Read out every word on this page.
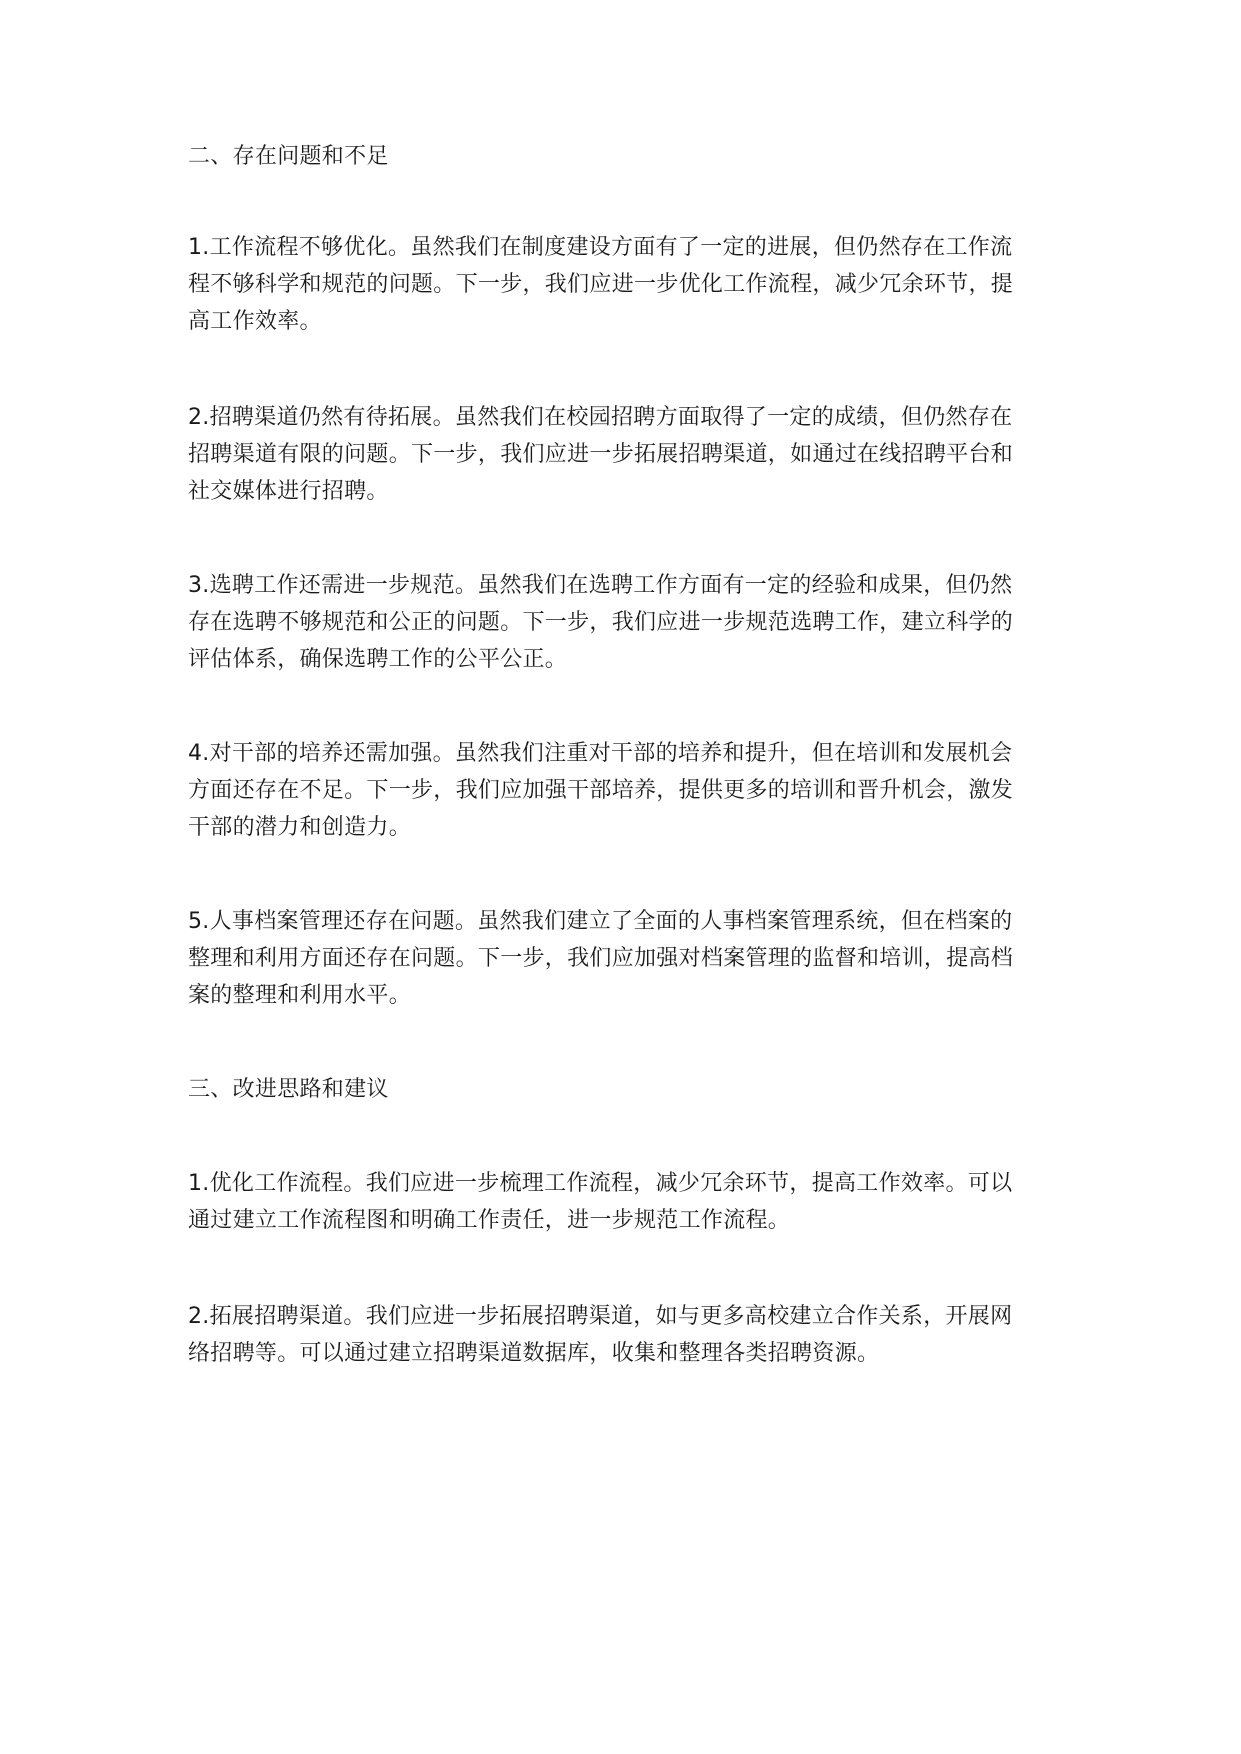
二、存在问题和不足
1.工作流程不够优化。虽然我们在制度建设方面有了一定的进展，但仍然存在工作流
程不够科学和规范的问题。下一步，我们应进一步优化工作流程，减少冗余环节，提
高工作效率。
2.招聘渠道仍然有待拓展。虽然我们在校园招聘方面取得了一定的成绩，但仍然存在
招聘渠道有限的问题。下一步，我们应进一步拓展招聘渠道，如通过在线招聘平台和
社交媒体进行招聘。
3.选聘工作还需进一步规范。虽然我们在选聘工作方面有一定的经验和成果，但仍然
存在选聘不够规范和公正的问题。下一步，我们应进一步规范选聘工作，建立科学的
评估体系，确保选聘工作的公平公正。
4.对干部的培养还需加强。虽然我们注重对干部的培养和提升，但在培训和发展机会
方面还存在不足。下一步，我们应加强干部培养，提供更多的培训和晋升机会，激发
干部的潜力和创造力。
5.人事档案管理还存在问题。虽然我们建立了全面的人事档案管理系统，但在档案的
整理和利用方面还存在问题。下一步，我们应加强对档案管理的监督和培训，提高档
案的整理和利用水平。
三、改进思路和建议
1.优化工作流程。我们应进一步梳理工作流程，减少冗余环节，提高工作效率。可以
通过建立工作流程图和明确工作责任，进一步规范工作流程。
2.拓展招聘渠道。我们应进一步拓展招聘渠道，如与更多高校建立合作关系，开展网
络招聘等。可以通过建立招聘渠道数据库，收集和整理各类招聘资源。
